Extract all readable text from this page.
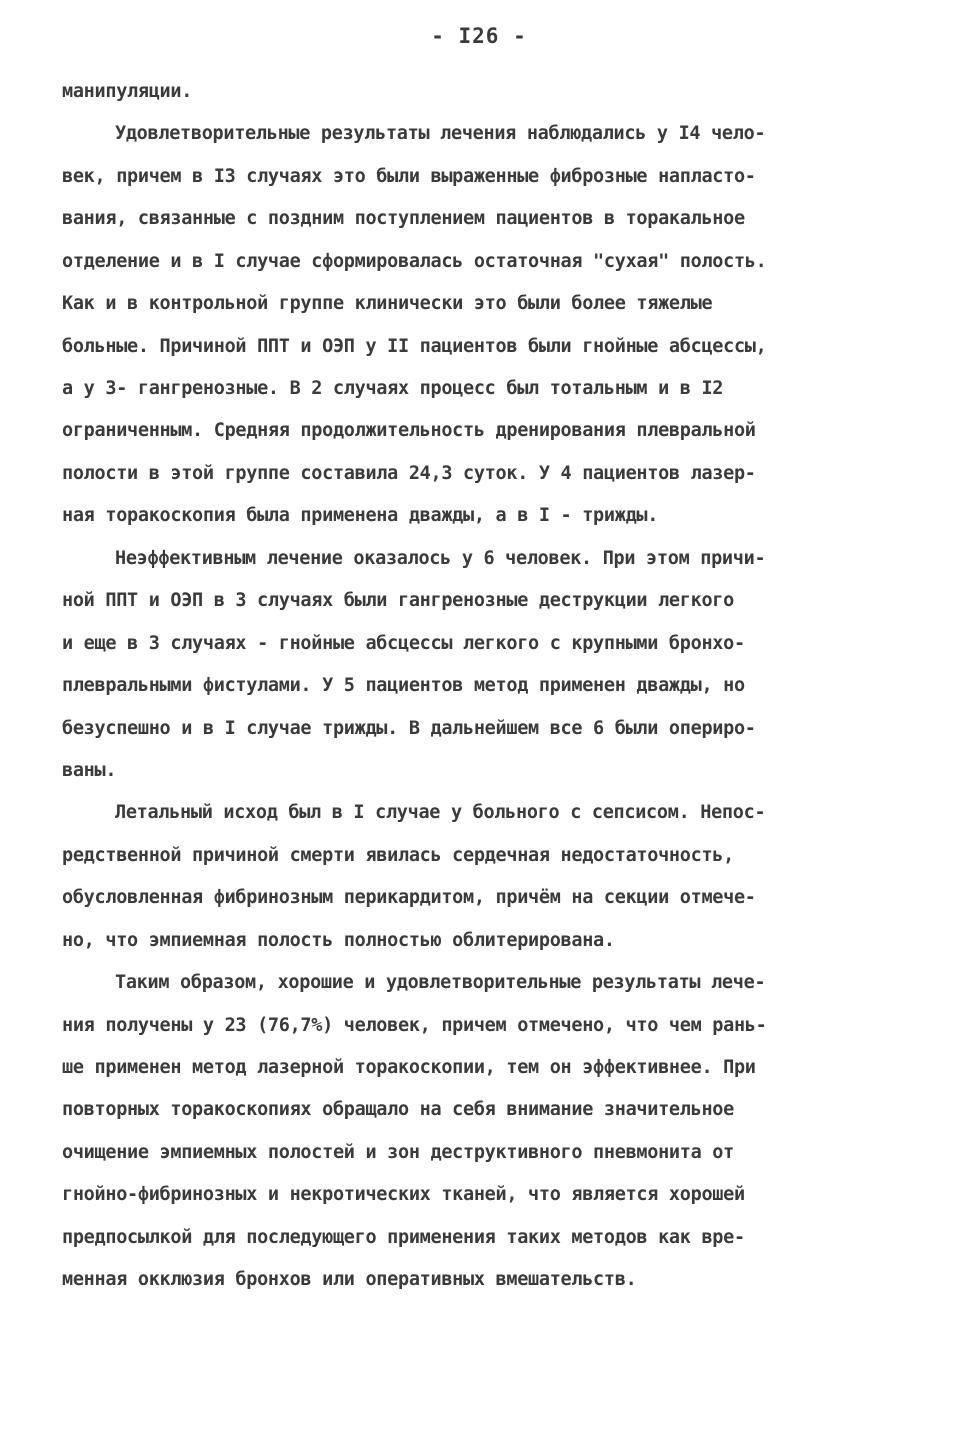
- I26 -
манипуляции.
Удовлетворительные результаты лечения наблюдались у I4 чело-
век, причем в I3 случаях это были выраженные фиброзные напласто-
вания, связанные с поздним поступлением пациентов в торакальное
отделение и в I случае сформировалась остаточная "сухая" полость.
Как и в контрольной группе клинически это были более тяжелые
больные. Причиной ППТ и ОЭП у II пациентов были гнойные абсцессы,
а у 3- гангренозные. В 2 случаях процесс был тотальным и в I2
ограниченным. Средняя продолжительность дренирования плевральной
полости в этой группе составила 24,3 суток. У 4 пациентов лазер-
ная торакоскопия была применена дважды, а в I - трижды.
Неэффективным лечение оказалось у 6 человек. При этом причи-
ной ППТ и ОЭП в 3 случаях были гангренозные деструкции легкого
и еще в 3 случаях - гнойные абсцессы легкого с крупными бронхо-
плевральными фистулами. У 5 пациентов метод применен дважды, но
безуспешно и в I случае трижды. В дальнейшем все 6 были опериро-
ваны.
Летальный исход был в I случае у больного с сепсисом. Непос-
редственной причиной смерти явилась сердечная недостаточность,
обусловленная фибринозным перикардитом, причём на секции отмече-
но, что эмпиемная полость полностью облитерирована.
Таким образом, хорошие и удовлетворительные результаты лече-
ния получены у 23 (76,7%) человек, причем отмечено, что чем рань-
ше применен метод лазерной торакоскопии, тем он эффективнее. При
повторных торакоскопиях обращало на себя внимание значительное
очищение эмпиемных полостей и зон деструктивного пневмонита от
гнойно-фибринозных и некротических тканей, что является хорошей
предпосылкой для последующего применения таких методов как вре-
менная окклюзия бронхов или оперативных вмешательств.
